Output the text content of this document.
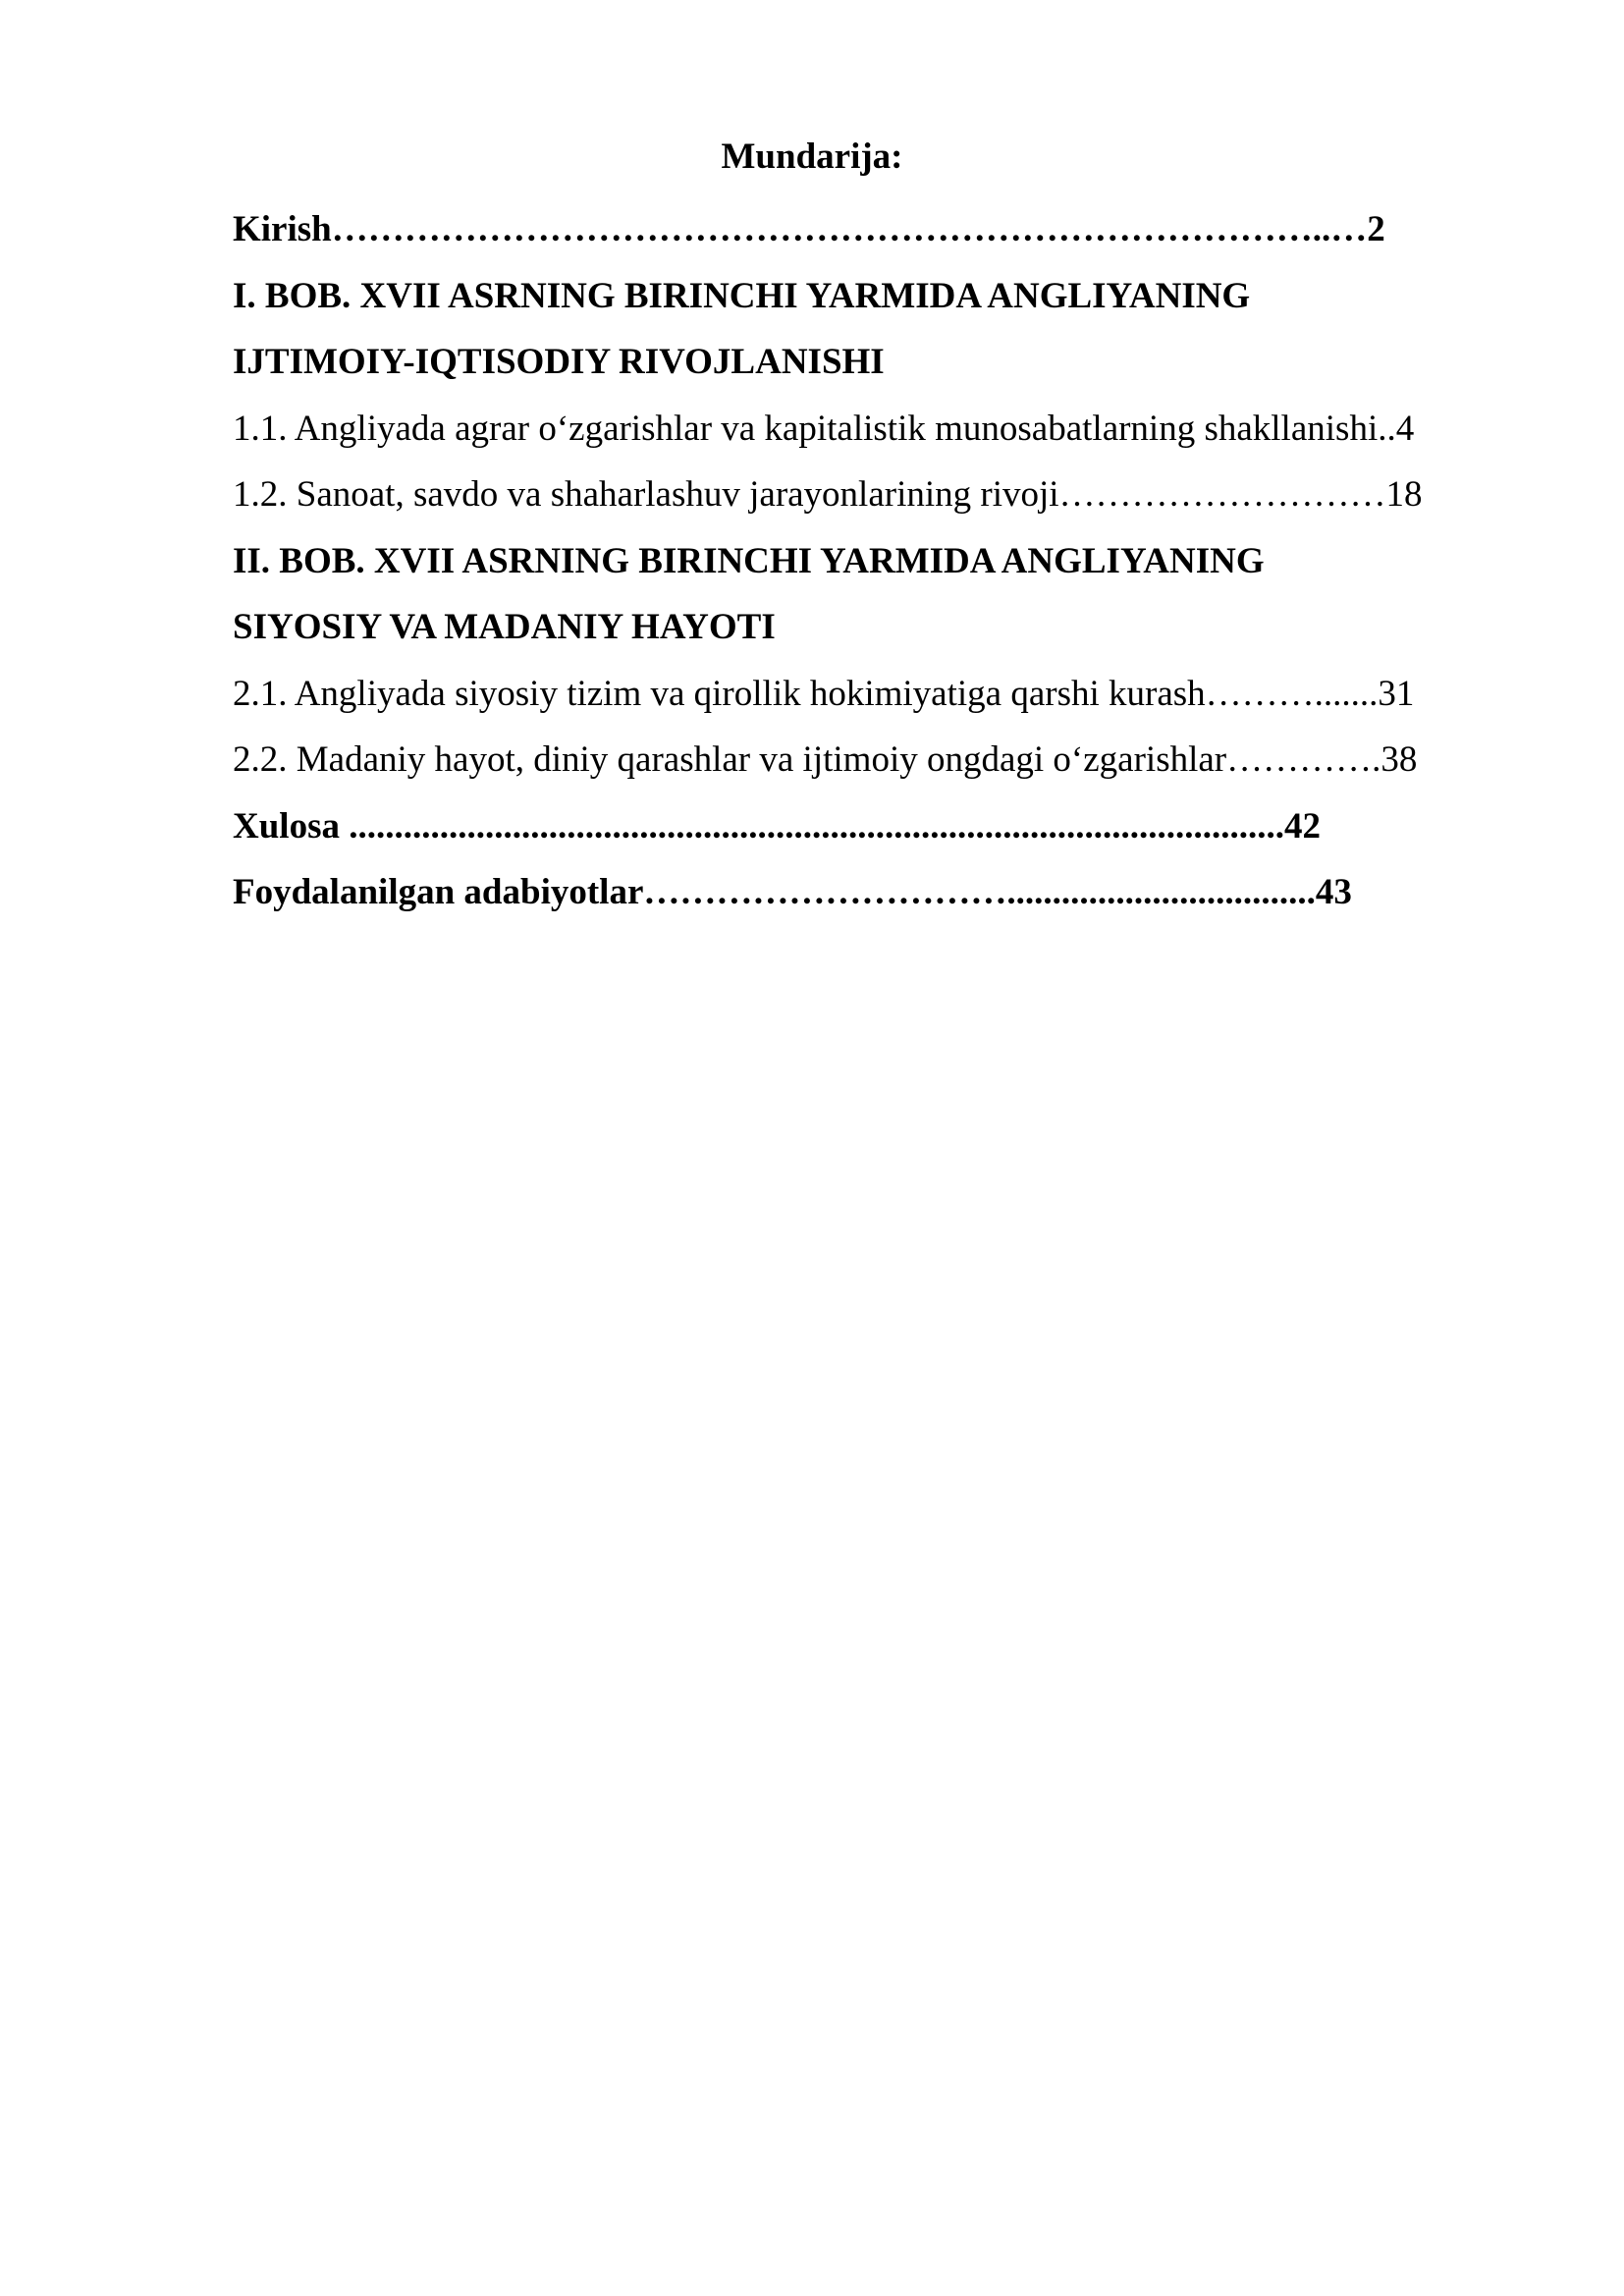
Mundarija:
Kirish………………………………………………………………………..…2
I. BOB. XVII ASRNING BIRINCHI YARMIDA ANGLIYANING
IJTIMOIY-IQTISODIY RIVOJLANISHI
1.1. Angliyada agrar o‘zgarishlar va kapitalistik munosabatlarning shakllanishi..4
1.2. Sanoat, savdo va shaharlashuv jarayonlarining rivoji………………………18
II. BOB. XVII ASRNING BIRINCHI YARMIDA ANGLIYANING
SIYOSIY VA MADANIY HAYOTI
2.1. Angliyada siyosiy tizim va qirollik hokimiyatiga qarshi kurash……….......31
2.2. Madaniy hayot, diniy qarashlar va ijtimoiy ongdagi o‘zgarishlar………….38
Xulosa .......................................................................................................42
Foydalanilgan adabiyotlar…………………………..................................43
